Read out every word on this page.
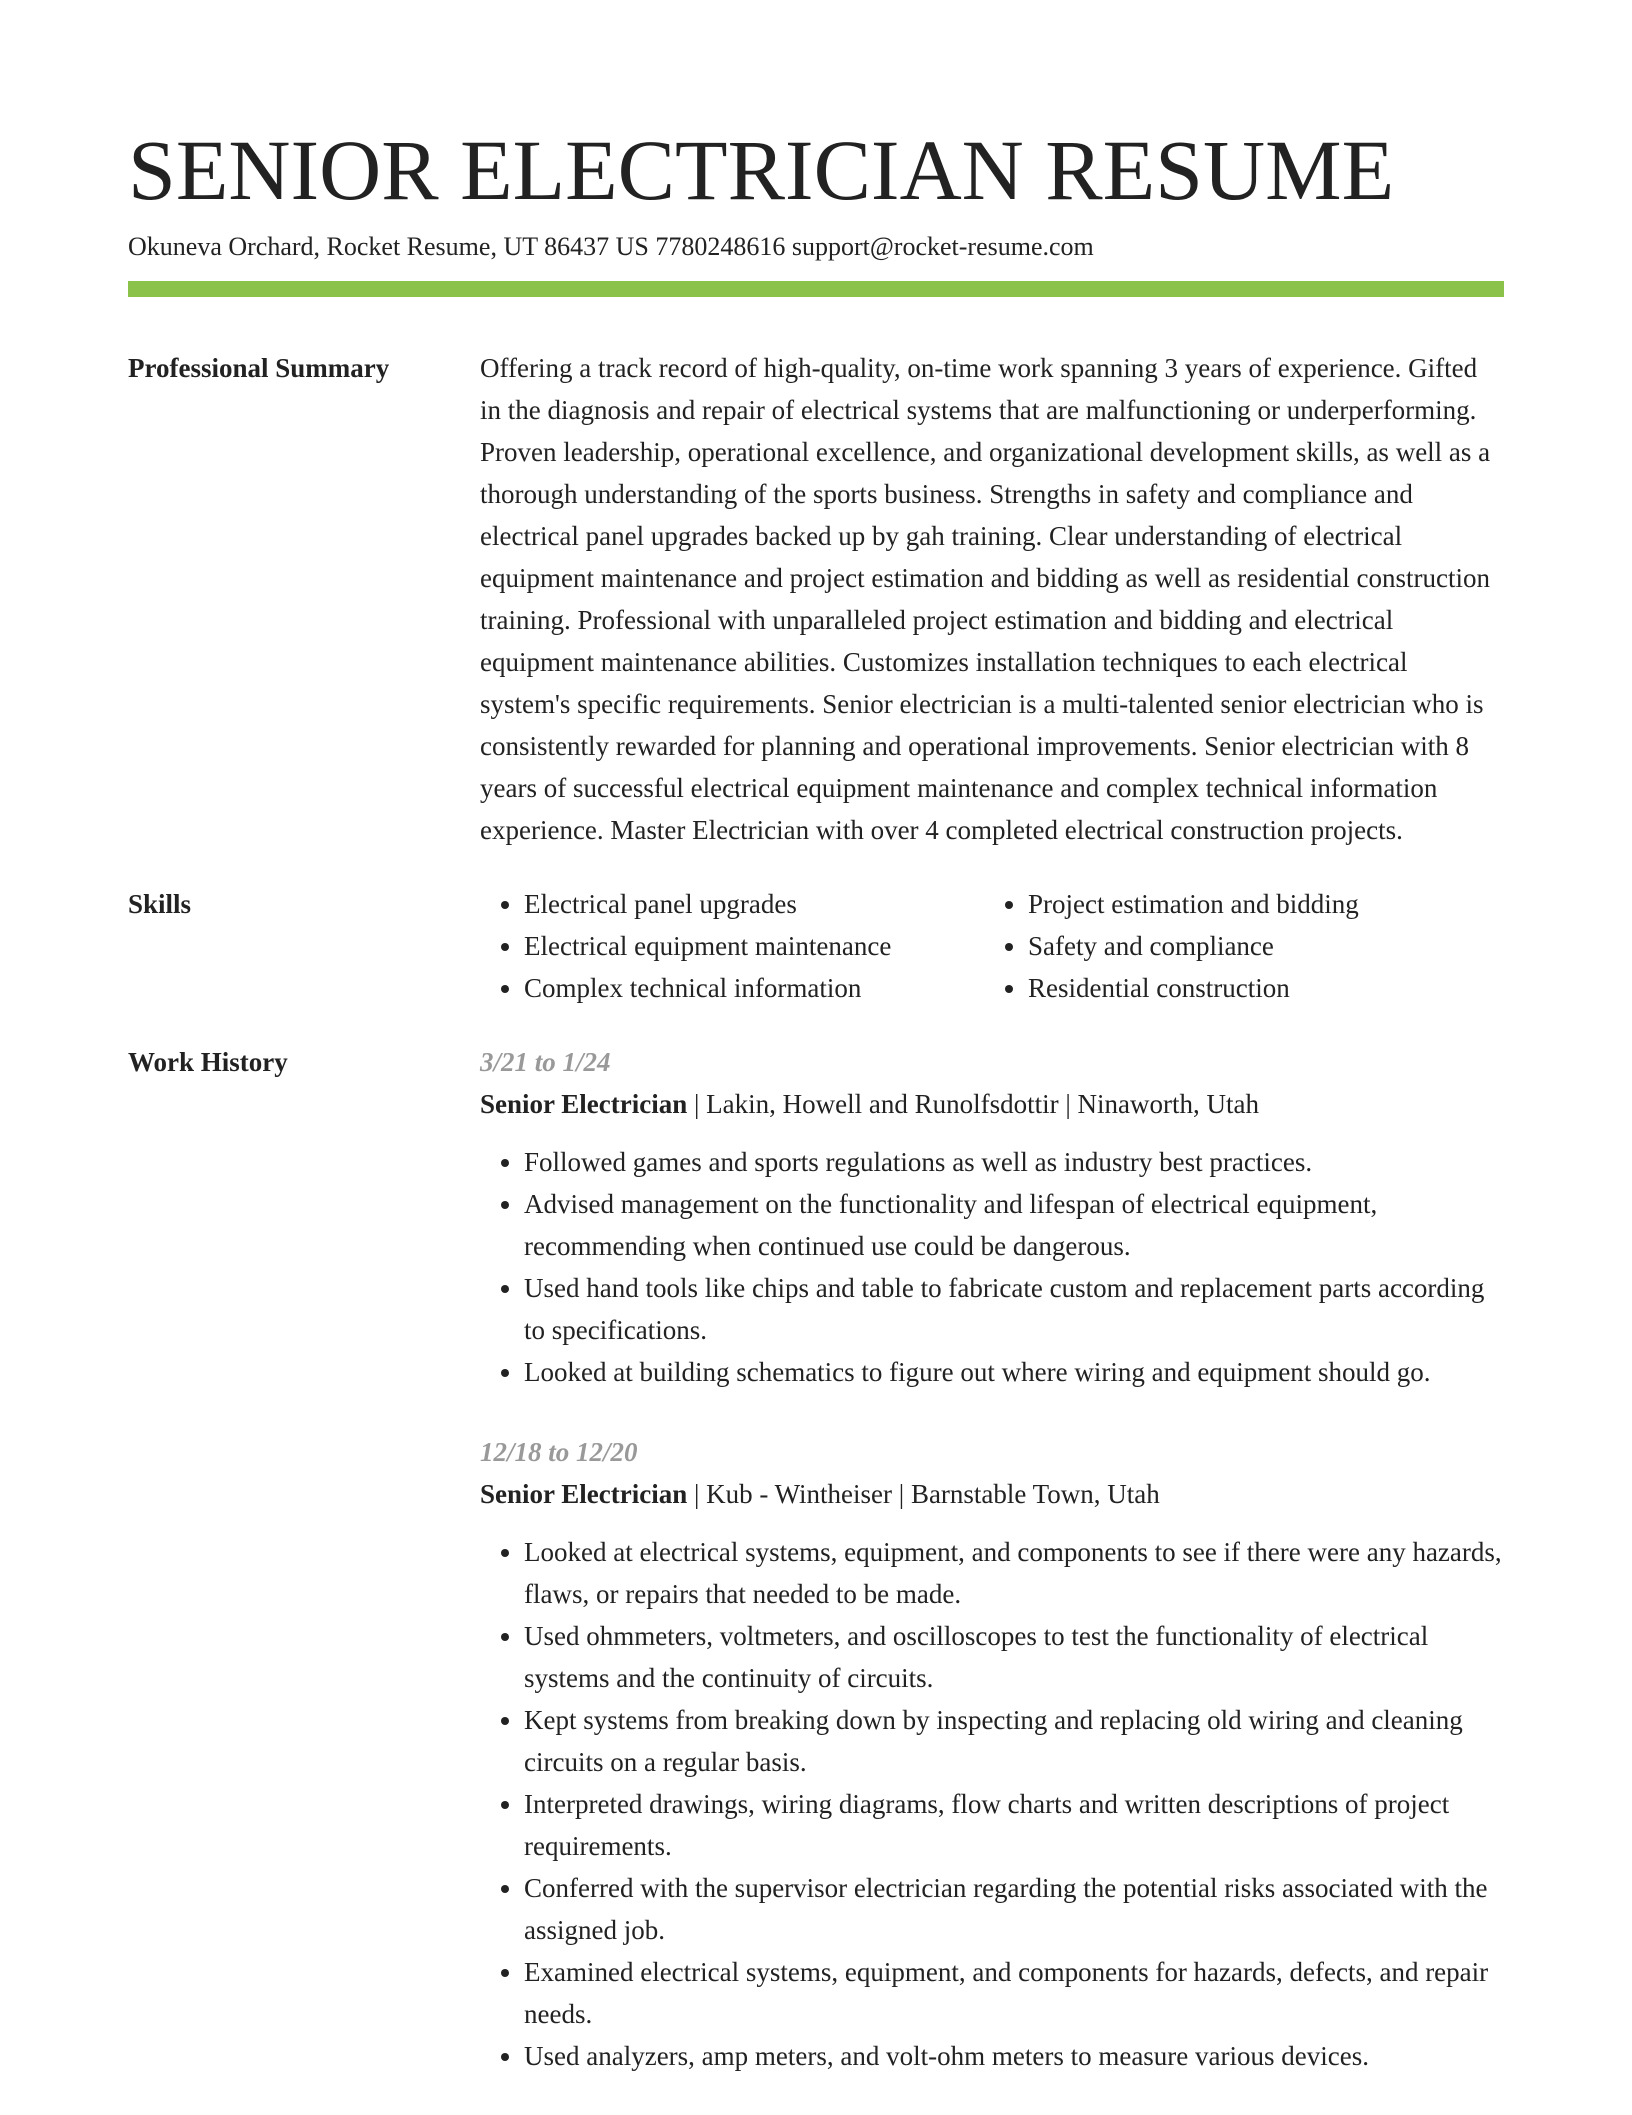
SENIOR ELECTRICIAN RESUME
Okuneva Orchard, Rocket Resume, UT 86437 US 7780248616 support@rocket-resume.com
Professional Summary	Offering a track record of high-quality, on-time work spanning 3 years of experience. Gifted in the diagnosis and repair of electrical systems that are malfunctioning or underperforming. Proven leadership, operational excellence, and organizational development skills, as well as a thorough understanding of the sports business. Strengths in safety and compliance and electrical panel upgrades backed up by gah training. Clear understanding of electrical equipment maintenance and project estimation and bidding as well as residential construction training. Professional with unparalleled project estimation and bidding and electrical equipment maintenance abilities. Customizes installation techniques to each electrical system's specific requirements. Senior electrician is a multi-talented senior electrician who is consistently rewarded for planning and operational improvements. Senior electrician with 8 years of successful electrical equipment maintenance and complex technical information experience. Master Electrician with over 4 completed electrical construction projects.

Skills
•	Electrical panel upgrades
• Electrical equipment maintenance
• Complex technical information
• Project estimation and bidding
• Safety and compliance
• Residential construction
Work History	3/21 to 1/24
Senior Electrician | Lakin, Howell and Runolfsdottir | Ninaworth, Utah
• Followed games and sports regulations as well as industry best practices.
• Advised management on the functionality and lifespan of electrical equipment, recommending when continued use could be dangerous.
• Used hand tools like chips and table to fabricate custom and replacement parts according to specifications.
• Looked at building schematics to figure out where wiring and equipment should go.
12/18 to 12/20
Senior Electrician | Kub - Wintheiser | Barnstable Town, Utah
• Looked at electrical systems, equipment, and components to see if there were any hazards, flaws, or repairs that needed to be made.
• Used ohmmeters, voltmeters, and oscilloscopes to test the functionality of electrical systems and the continuity of circuits.
• Kept systems from breaking down by inspecting and replacing old wiring and cleaning circuits on a regular basis.
• Interpreted drawings, wiring diagrams, flow charts and written descriptions of project requirements.
• Conferred with the supervisor electrician regarding the potential risks associated with the assigned job.
• Examined electrical systems, equipment, and components for hazards, defects, and repair needs.
• Used analyzers, amp meters, and volt-ohm meters to measure various devices.
